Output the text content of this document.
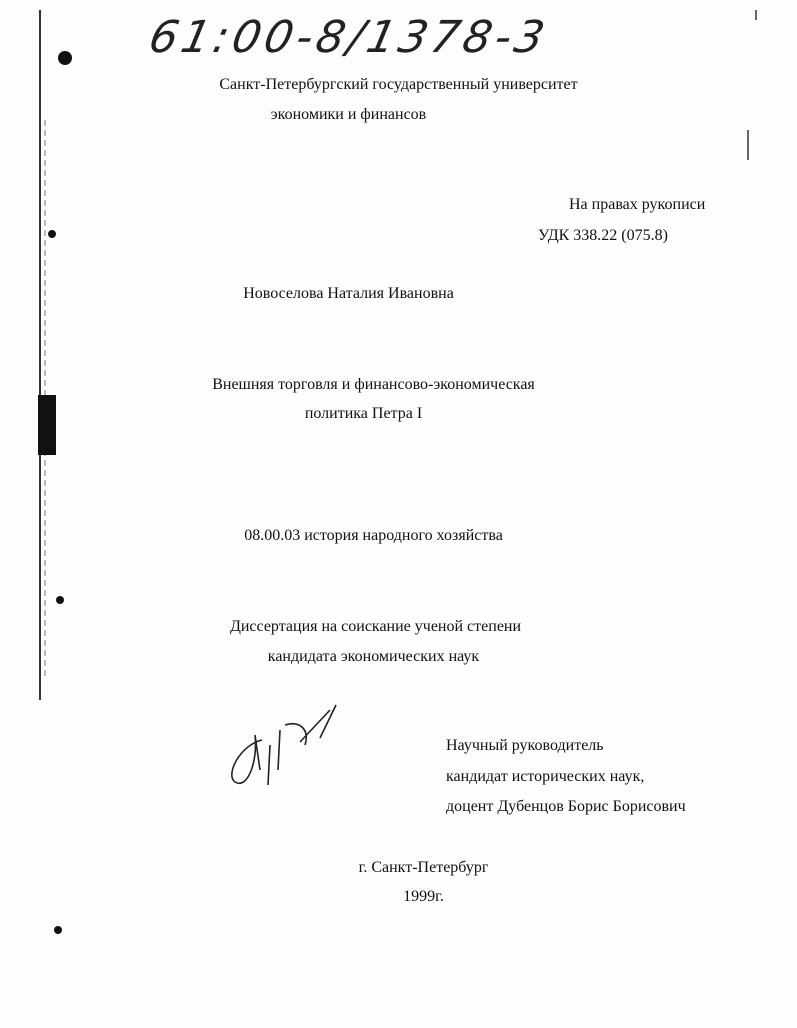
61:00-8/1378-3
Санкт-Петербургский государственный университет
экономики и финансов
На правах рукописи
УДК 338.22 (075.8)
Новоселова Наталия Ивановна
Внешняя торговля и финансово-экономическая
политика Петра I
08.00.03 история народного хозяйства
Диссертация на соискание ученой степени
кандидата экономических наук
Научный руководитель
кандидат исторических наук,
доцент Дубенцов Борис Борисович
г. Санкт-Петербург
1999г.
